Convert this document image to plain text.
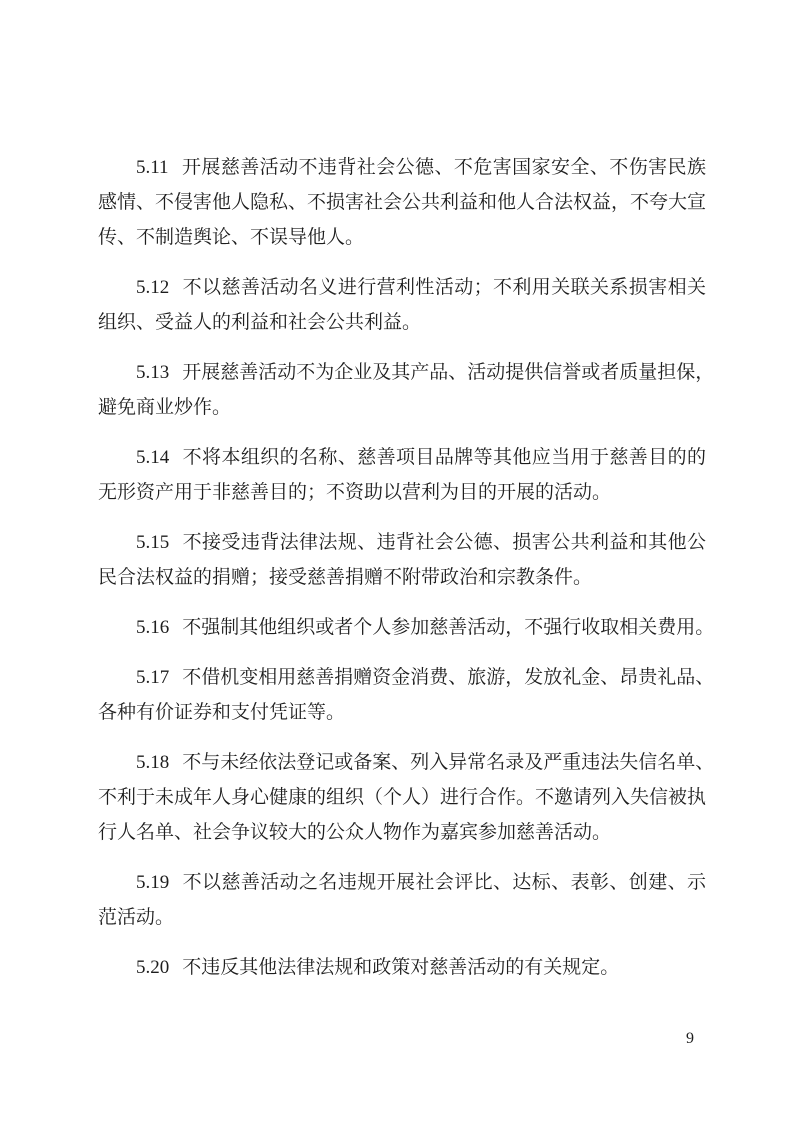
5.11 开展慈善活动不违背社会公德、不危害国家安全、不伤害民族
感情、不侵害他人隐私、不损害社会公共利益和他人合法权益，不夸大宣
传、不制造舆论、不误导他人。
5.12 不以慈善活动名义进行营利性活动；不利用关联关系损害相关
组织、受益人的利益和社会公共利益。
5.13 开展慈善活动不为企业及其产品、活动提供信誉或者质量担保，
避免商业炒作。
5.14 不将本组织的名称、慈善项目品牌等其他应当用于慈善目的的
无形资产用于非慈善目的；不资助以营利为目的开展的活动。
5.15 不接受违背法律法规、违背社会公德、损害公共利益和其他公
民合法权益的捐赠；接受慈善捐赠不附带政治和宗教条件。
5.16 不强制其他组织或者个人参加慈善活动，不强行收取相关费用。
5.17 不借机变相用慈善捐赠资金消费、旅游，发放礼金、昂贵礼品、
各种有价证券和支付凭证等。
5.18 不与未经依法登记或备案、列入异常名录及严重违法失信名单、
不利于未成年人身心健康的组织（个人）进行合作。不邀请列入失信被执
行人名单、社会争议较大的公众人物作为嘉宾参加慈善活动。
5.19 不以慈善活动之名违规开展社会评比、达标、表彰、创建、示
范活动。
5.20 不违反其他法律法规和政策对慈善活动的有关规定。
9
